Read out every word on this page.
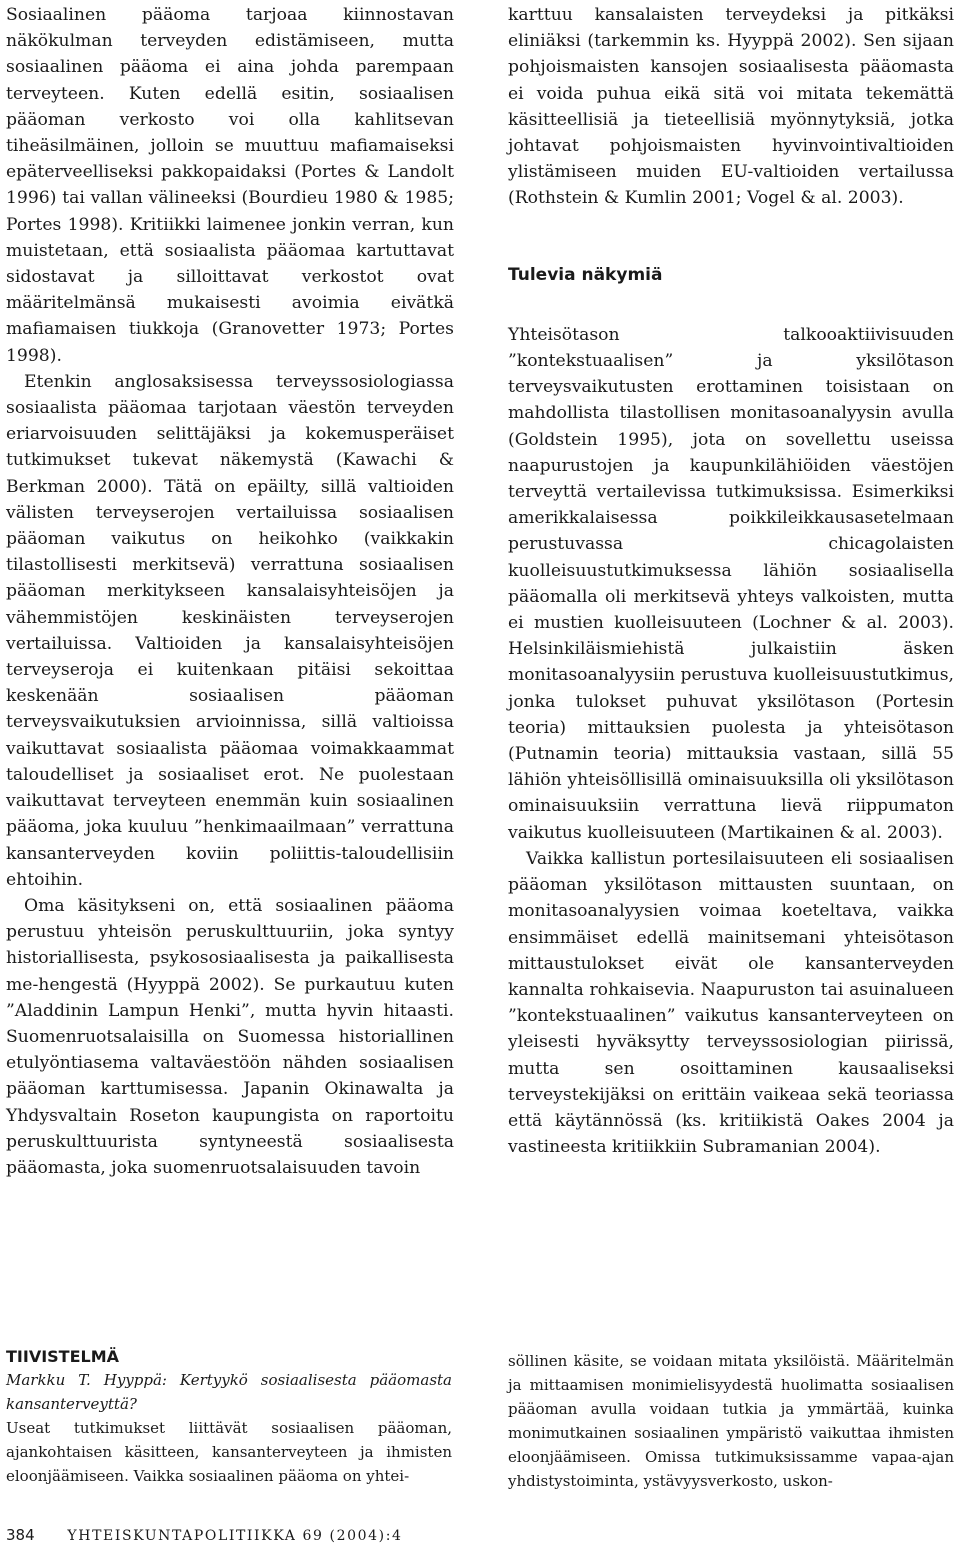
Sosiaalinen pääoma tarjoaa kiinnostavan näkökulman terveyden edistämiseen, mutta sosiaalinen pääoma ei aina johda parempaan terveyteen. Kuten edellä esitin, sosiaalisen pääoman verkosto voi olla kahlitsevan tiheäsilmäinen, jolloin se muuttuu mafiamaiseksi epäterveelliseksi pakkopaidaksi (Portes & Landolt 1996) tai vallan välineeksi (Bourdieu 1980 & 1985; Portes 1998). Kritiikki laimenee jonkin verran, kun muistetaan, että sosiaalista pääomaa kartuttavat sidostavat ja silloittavat verkostot ovat määritelmänsä mukaisesti avoimia eivätkä mafiamaisen tiukkoja (Granovetter 1973; Portes 1998).

Etenkin anglosaksisessa terveyssosiologiassa sosiaalista pääomaa tarjotaan väestön terveyden eriarvoisuuden selittäjäksi ja kokemusperäiset tutkimukset tukevat näkemystä (Kawachi & Berkman 2000). Tätä on epäilty, sillä valtioiden välisten terveyserojen vertailuissa sosiaalisen pääoman vaikutus on heikohko (vaikkakin tilastollisesti merkitsevä) verrattuna sosiaalisen pääoman merkitykseen kansalaisyhteisöjen ja vähemmistöjen keskinäisten terveyserojen vertailuissa. Valtioiden ja kansalaisyhteisöjen terveyseroja ei kuitenkaan pitäisi sekoittaa keskenään sosiaalisen pääoman terveysvaikutuksien arvioinnissa, sillä valtioissa vaikuttavat sosiaalista pääomaa voimakkaammat taloudelliset ja sosiaaliset erot. Ne puolestaan vaikuttavat terveyteen enemmän kuin sosiaalinen pääoma, joka kuuluu ”henkimaailmaan” verrattuna kansanterveyden koviin poliittis-taloudellisiin ehtoihin.

Oma käsitykseni on, että sosiaalinen pääoma perustuu yhteisön peruskulttuuriin, joka syntyy historiallisesta, psykososiaalisesta ja paikallisesta me-hengestä (Hyyppä 2002). Se purkautuu kuten ”Aladdinin Lampun Henki”, mutta hyvin hitaasti. Suomenruotsalaisilla on Suomessa historiallinen etulyöntiasema valtaväestöön nähden sosiaalisen pääoman karttumisessa. Japanin Okinawalta ja Yhdysvaltain Roseton kaupungista on raportoitu peruskulttuurista syntyneestä sosiaalisesta pääomasta, joka suomenruotsalaisuuden tavoin

karttuu kansalaisten terveydeksi ja pitkäksi eliniäksi (tarkemmin ks. Hyyppä 2002). Sen sijaan pohjoismaisten kansojen sosiaalisesta pääomasta ei voida puhua eikä sitä voi mitata tekemättä käsitteellisiä ja tieteellisiä myönnytyksiä, jotka johtavat pohjoismaisten hyvinvointivaltioiden ylistämiseen muiden EU-valtioiden vertailussa (Rothstein & Kumlin 2001; Vogel & al. 2003).

Tulevia näkymiä

Yhteisötason talkooaktiivisuuden ”kontekstuaalisen” ja yksilötason terveysvaikutusten erottaminen toisistaan on mahdollista tilastollisen monitasoanalyysin avulla (Goldstein 1995), jota on sovellettu useissa naapurustojen ja kaupunkilähiöiden väestöjen terveyttä vertailevissa tutkimuksissa. Esimerkiksi amerikkalaisessa poikkileikkausasetelmaan perustuvassa chicagolaisten kuolleisuustutkimuksessa lähiön sosiaalisella pääomalla oli merkitsevä yhteys valkoisten, mutta ei mustien kuolleisuuteen (Lochner & al. 2003). Helsinkiläismiehistä julkaistiin äsken monitasoanalyysiin perustuva kuolleisuustutkimus, jonka tulokset puhuvat yksilötason (Portesin teoria) mittauksien puolesta ja yhteisötason (Putnamin teoria) mittauksia vastaan, sillä 55 lähiön yhteisöllisillä ominaisuuksilla oli yksilötason ominaisuuksiin verrattuna lievä riippumaton vaikutus kuolleisuuteen (Martikainen & al. 2003).

Vaikka kallistun portesilaisuuteen eli sosiaalisen pääoman yksilötason mittausten suuntaan, on monitasoanalyysien voimaa koeteltava, vaikka ensimmäiset edellä mainitsemani yhteisötason mittaustulokset eivät ole kansanterveyden kannalta rohkaisevia. Naapuruston tai asuinalueen ”kontekstuaalinen” vaikutus kansanterveyteen on yleisesti hyväksytty terveyssosiologian piirissä, mutta sen osoittaminen kausaaliseksi terveystekijäksi on erittäin vaikeaa sekä teoriassa että käytännössä (ks. kritiikistä Oakes 2004 ja vastineesta kritiikkiin Subramanian 2004).

TIIVISTELMÄ

Markku T. Hyyppä: Kertyykö sosiaalisesta pääomasta kansanterveyttä?

Useat tutkimukset liittävät sosiaalisen pääoman, ajankohtaisen käsitteen, kansanterveyteen ja ihmisten eloonjäämiseen. Vaikka sosiaalinen pääoma on yhtei-

söllinen käsite, se voidaan mitata yksilöistä. Määritelmän ja mittaamisen monimielisyydestä huolimatta sosiaalisen pääoman avulla voidaan tutkia ja ymmärtää, kuinka monimutkainen sosiaalinen ympäristö vaikuttaa ihmisten eloonjäämiseen. Omissa tutkimuksissamme vapaa-ajan yhdistystoiminta, ystävyysverkosto, uskon-

384 YHTEISKUNTAPOLITIIKKA 69 (2004):4
